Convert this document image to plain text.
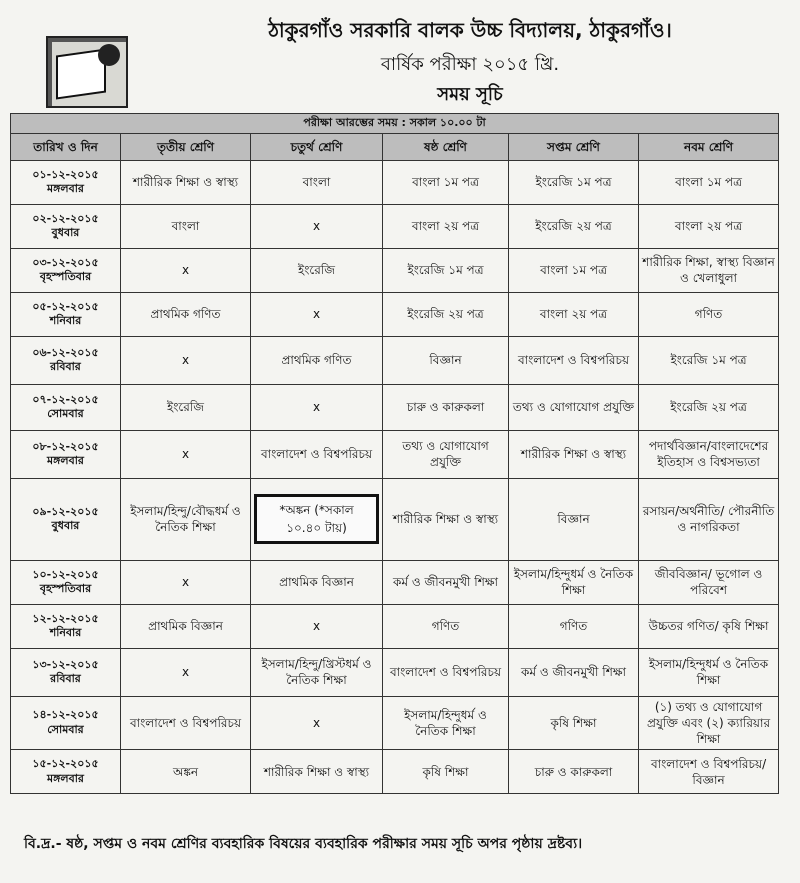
ঠাকুরগাঁও সরকারি বালক উচ্চ বিদ্যালয়, ঠাকুরগাঁও।
বার্ষিক পরীক্ষা ২০১৫ খ্রি.
সময় সূচি
পরীক্ষা আরম্ভের সময় : সকাল ১০.০০ টা					
তারিখ ও দিন	তৃতীয় শ্রেণি	চতুর্থ শ্রেণি	ষষ্ঠ শ্রেণি	সপ্তম শ্রেণি	নবম শ্রেণি

০১-১২-২০১৫
মঙ্গলবার	শারীরিক শিক্ষা ও স্বাস্থ্য	বাংলা	বাংলা ১ম পত্র	ইংরেজি ১ম পত্র	বাংলা ১ম পত্র

০২-১২-২০১৫
বুধবার	বাংলা	x	বাংলা ২য় পত্র	ইংরেজি ২য় পত্র	বাংলা ২য় পত্র

০৩-১২-২০১৫
বৃহস্পতিবার	x	ইংরেজি	ইংরেজি ১ম পত্র	বাংলা ১ম পত্র	শারীরিক শিক্ষা, স্বাস্থ্য বিজ্ঞান ও খেলাধুলা

০৫-১২-২০১৫
শনিবার	প্রাথমিক গণিত	x	ইংরেজি ২য় পত্র	বাংলা ২য় পত্র	গণিত

০৬-১২-২০১৫
রবিবার	x	প্রাথমিক গণিত	বিজ্ঞান	বাংলাদেশ ও বিশ্বপরিচয়	ইংরেজি ১ম পত্র

০৭-১২-২০১৫
সোমবার	ইংরেজি	x	চারু ও কারুকলা	তথ্য ও যোগাযোগ প্রযুক্তি	ইংরেজি ২য় পত্র

০৮-১২-২০১৫
মঙ্গলবার	x	বাংলাদেশ ও বিশ্বপরিচয়	তথ্য ও যোগাযোগ প্রযুক্তি	শারীরিক শিক্ষা ও স্বাস্থ্য	পদার্থবিজ্ঞান/বাংলাদেশের ইতিহাস ও বিশ্বসভ্যতা

০৯-১২-২০১৫
বুধবার	ইসলাম/হিন্দু/বৌদ্ধধর্ম ও নৈতিক শিক্ষা	*অঙ্কন (*সকাল ১০.৪০ টায়)	শারীরিক শিক্ষা ও স্বাস্থ্য	বিজ্ঞান	রসায়ন/অর্থনীতি/ পৌরনীতি ও নাগরিকতা

১০-১২-২০১৫
বৃহস্পতিবার	x	প্রাথমিক বিজ্ঞান	কর্ম ও জীবনমুখী শিক্ষা	ইসলাম/হিন্দুধর্ম ও নৈতিক শিক্ষা	জীববিজ্ঞান/ ভূগোল ও পরিবেশ

১২-১২-২০১৫
শনিবার	প্রাথমিক বিজ্ঞান	x	গণিত	গণিত	উচ্চতর গণিত/ কৃষি শিক্ষা

১৩-১২-২০১৫
রবিবার	x	ইসলাম/হিন্দু/খ্রিস্টধর্ম ও নৈতিক শিক্ষা	বাংলাদেশ ও বিশ্বপরিচয়	কর্ম ও জীবনমুখী শিক্ষা	ইসলাম/হিন্দুধর্ম ও নৈতিক শিক্ষা

১৪-১২-২০১৫
সোমবার	বাংলাদেশ ও বিশ্বপরিচয়	x	ইসলাম/হিন্দুধর্ম ও নৈতিক শিক্ষা	কৃষি শিক্ষা	(১) তথ্য ও যোগাযোগ প্রযুক্তি এবং (২) ক্যারিয়ার শিক্ষা

১৫-১২-২০১৫
মঙ্গলবার	অঙ্কন	শারীরিক শিক্ষা ও স্বাস্থ্য	কৃষি শিক্ষা	চারু ও কারুকলা	বাংলাদেশ ও বিশ্বপরিচয়/বিজ্ঞান
বি.দ্র.- ষষ্ঠ, সপ্তম ও নবম শ্রেণির ব্যবহারিক বিষয়ের ব্যবহারিক পরীক্ষার সময় সূচি অপর পৃষ্ঠায় দ্রষ্টব্য।
